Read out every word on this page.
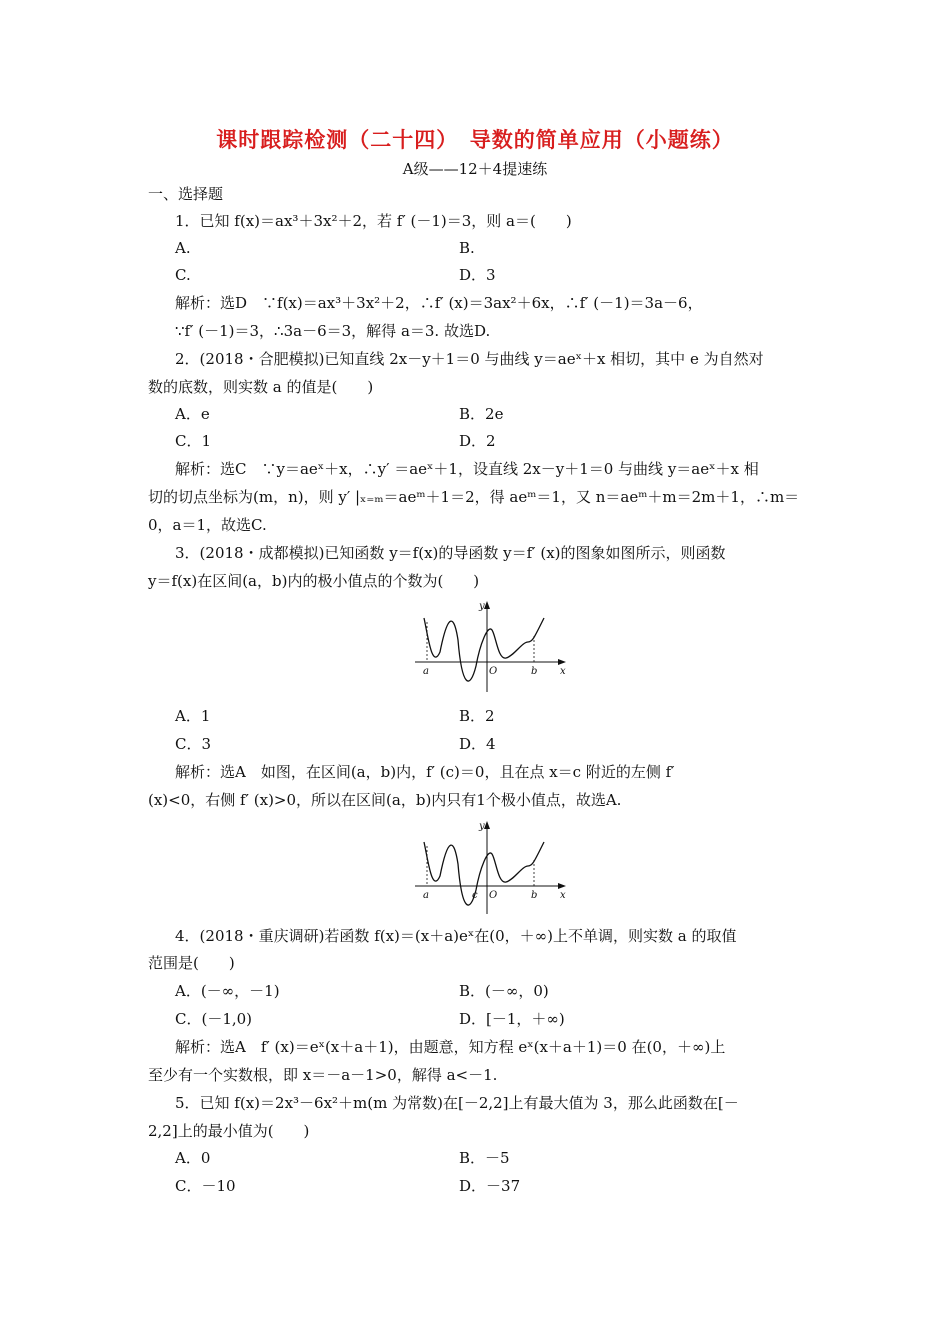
课时跟踪检测（二十四）　导数的简单应用（小题练）
A级——12＋4提速练
一、选择题
1．已知 f(x)＝ax³＋3x²＋2，若 f′ (－1)＝3，则 a＝(　　)
A.	B.
C.	D．3
解析：选D　∵f(x)＝ax³＋3x²＋2，∴f′ (x)＝3ax²＋6x，∴f′ (－1)＝3a－6，
∵f′ (－1)＝3，∴3a－6＝3，解得 a＝3. 故选D.
2．(2018・合肥模拟)已知直线 2x－y＋1＝0 与曲线 y＝aeˣ＋x 相切，其中 e 为自然对
数的底数，则实数 a 的值是(　　)
A．e	B．2e
C．1	D．2
解析：选C　∵y＝aeˣ＋x，∴y′ ＝aeˣ＋1，设直线 2x－y＋1＝0 与曲线 y＝aeˣ＋x 相
切的切点坐标为(m，n)，则 y′ |ₓ₌ₘ＝aeᵐ＋1＝2，得 aeᵐ＝1，又 n＝aeᵐ＋m＝2m＋1，∴m＝
0，a＝1，故选C.
3．(2018・成都模拟)已知函数 y＝f(x)的导函数 y＝f′ (x)的图象如图所示，则函数
y＝f(x)在区间(a，b)内的极小值点的个数为(　　)
y
x
O
a	b
A．1	B．2
C．3	D．4
解析：选A　如图，在区间(a，b)内，f′ (c)＝0，且在点 x＝c 附近的左侧 f′
(x)<0，右侧 f′ (x)>0，所以在区间(a，b)内只有1个极小值点，故选A.
y
x
O
a	c	b
4．(2018・重庆调研)若函数 f(x)＝(x＋a)eˣ在(0，＋∞)上不单调，则实数 a 的取值
范围是(　　)
A．(－∞，－1)	B．(－∞，0)
C．(－1,0)	D．[－1，＋∞)
解析：选A　f′ (x)＝eˣ(x＋a＋1)，由题意，知方程 eˣ(x＋a＋1)＝0 在(0，＋∞)上
至少有一个实数根，即 x＝－a－1>0，解得 a<－1.
5．已知 f(x)＝2x³－6x²＋m(m 为常数)在[－2,2]上有最大值为 3，那么此函数在[－
2,2]上的最小值为(　　)
A．0	B．－5
C．－10	D．－37
